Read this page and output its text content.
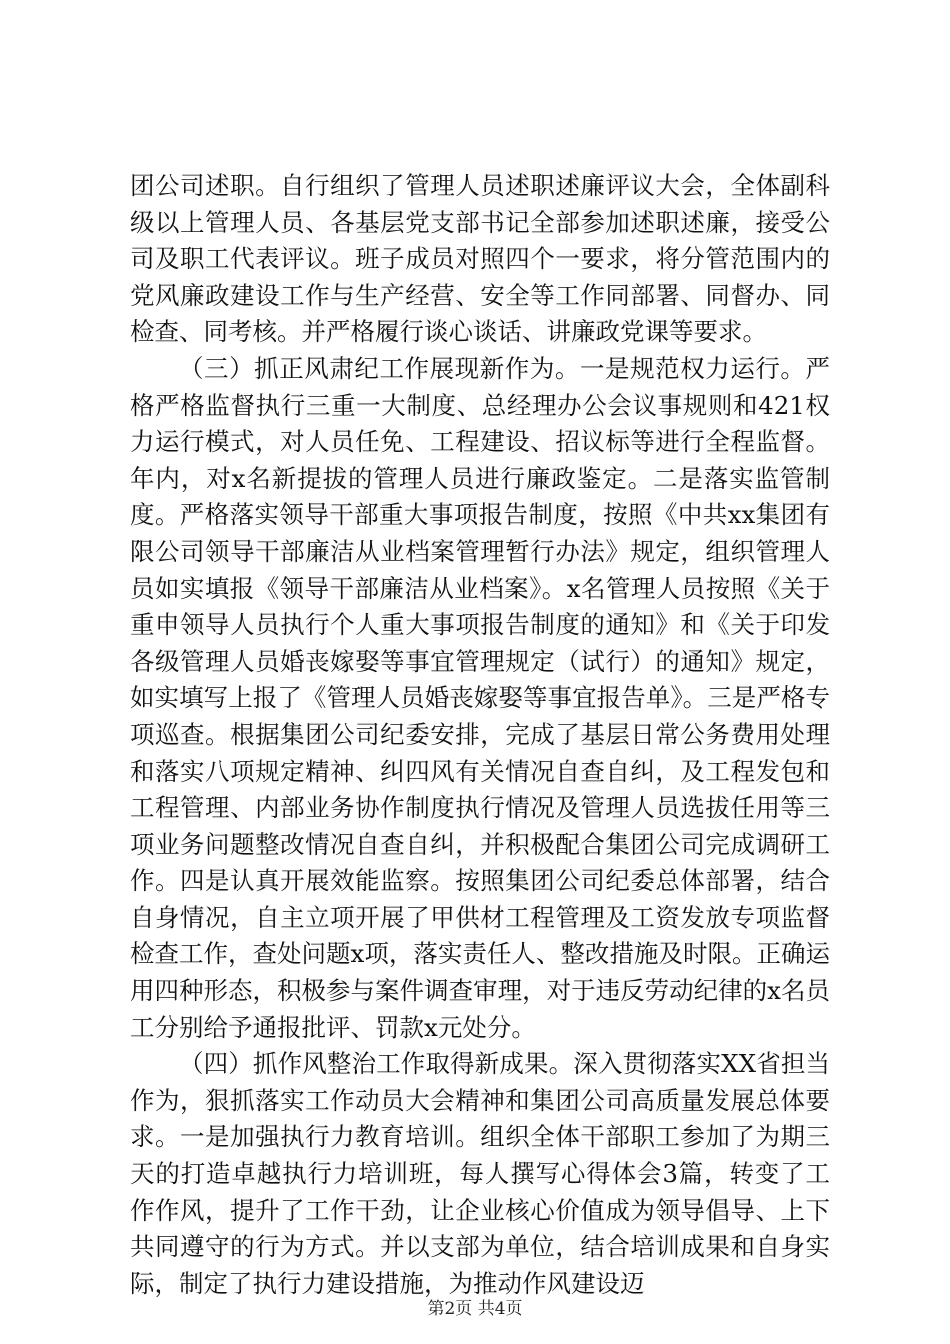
团公司述职。自行组织了管理人员述职述廉评议大会，全体副科级以上管理人员、各基层党支部书记全部参加述职述廉，接受公司及职工代表评议。班子成员对照四个一要求，将分管范围内的党风廉政建设工作与生产经营、安全等工作同部署、同督办、同检查、同考核。并严格履行谈心谈话、讲廉政党课等要求。

（三）抓正风肃纪工作展现新作为。一是规范权力运行。严格严格监督执行三重一大制度、总经理办公会议事规则和421权力运行模式，对人员任免、工程建设、招议标等进行全程监督。年内，对x名新提拔的管理人员进行廉政鉴定。二是落实监管制度。严格落实领导干部重大事项报告制度，按照《中共xx集团有限公司领导干部廉洁从业档案管理暂行办法》规定，组织管理人员如实填报《领导干部廉洁从业档案》。x名管理人员按照《关于重申领导人员执行个人重大事项报告制度的通知》和《关于印发各级管理人员婚丧嫁娶等事宜管理规定（试行）的通知》规定，如实填写上报了《管理人员婚丧嫁娶等事宜报告单》。三是严格专项巡查。根据集团公司纪委安排，完成了基层日常公务费用处理和落实八项规定精神、纠四风有关情况自查自纠，及工程发包和工程管理、内部业务协作制度执行情况及管理人员选拔任用等三项业务问题整改情况自查自纠，并积极配合集团公司完成调研工作。四是认真开展效能监察。按照集团公司纪委总体部署，结合自身情况，自主立项开展了甲供材工程管理及工资发放专项监督检查工作，查处问题x项，落实责任人、整改措施及时限。正确运用四种形态，积极参与案件调查审理，对于违反劳动纪律的x名员工分别给予通报批评、罚款x元处分。

（四）抓作风整治工作取得新成果。深入贯彻落实XX省担当作为，狠抓落实工作动员大会精神和集团公司高质量发展总体要求。一是加强执行力教育培训。组织全体干部职工参加了为期三天的打造卓越执行力培训班，每人撰写心得体会3篇，转变了工作作风，提升了工作干劲，让企业核心价值成为领导倡导、上下共同遵守的行为方式。并以支部为单位，结合培训成果和自身实际，制定了执行力建设措施，为推动作风建设迈

第2页 共4页
